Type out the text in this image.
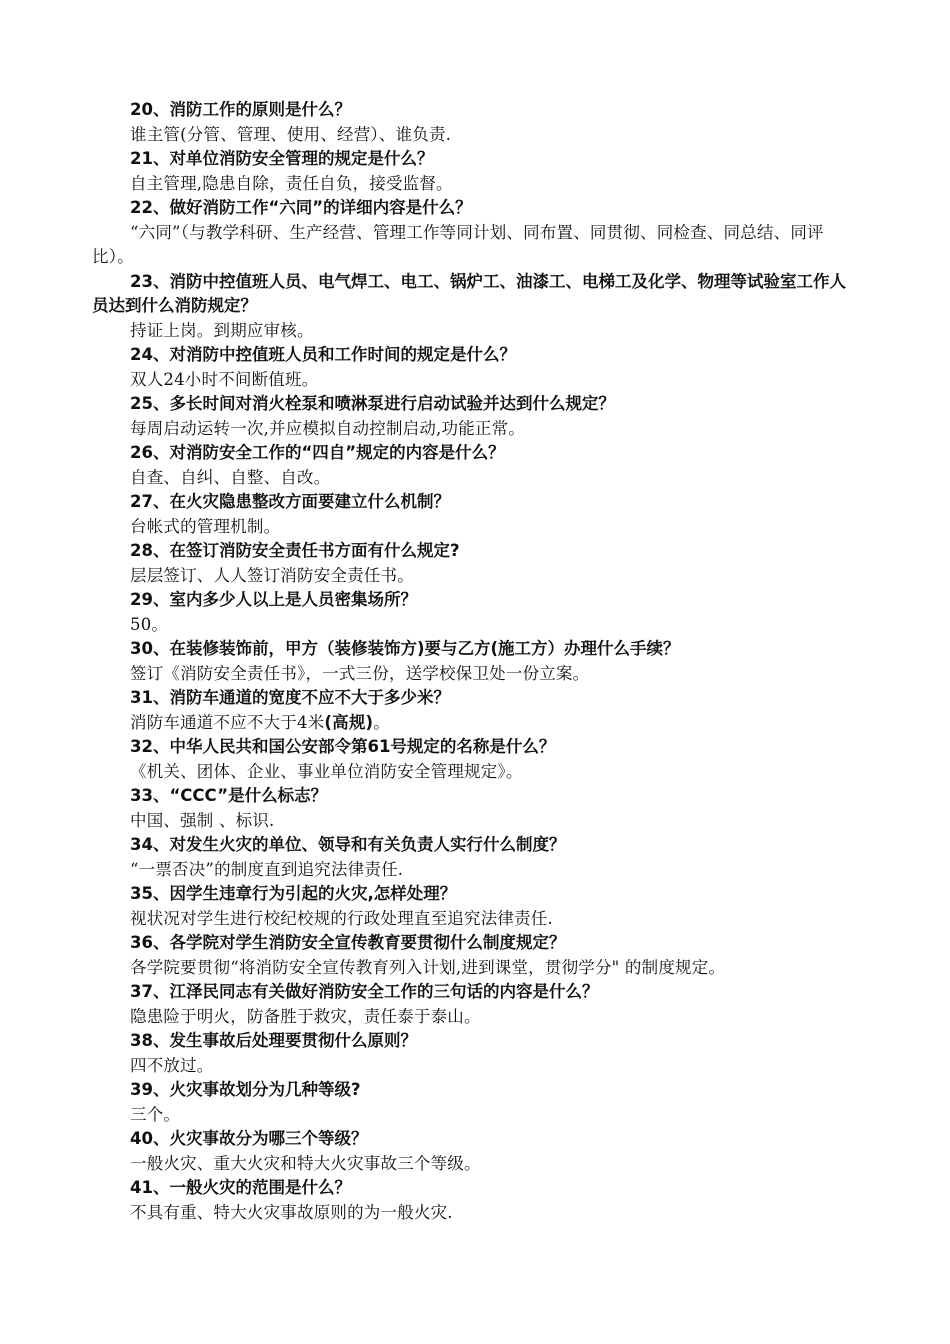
20、消防工作的原则是什么？

谁主管(分管、管理、使用、经营）、谁负责.

21、对单位消防安全管理的规定是什么？

自主管理,隐患自除，责任自负，接受监督。

22、做好消防工作“六同”的详细内容是什么？

“六同”（与教学科研、生产经营、管理工作等同计划、同布置、同贯彻、同检查、同总结、同评比）。

23、消防中控值班人员、电气焊工、电工、锅炉工、油漆工、电梯工及化学、物理等试验室工作人员达到什么消防规定？

持证上岗。到期应审核。

24、对消防中控值班人员和工作时间的规定是什么？

双人24小时不间断值班。

25、多长时间对消火栓泵和喷淋泵进行启动试验并达到什么规定？

每周启动运转一次,并应模拟自动控制启动,功能正常。

26、对消防安全工作的“四自”规定的内容是什么？

自查、自纠、自整、自改。

27、在火灾隐患整改方面要建立什么机制？

台帐式的管理机制。

28、在签订消防安全责任书方面有什么规定?

层层签订、人人签订消防安全责任书。

29、室内多少人以上是人员密集场所？

50。

30、在装修装饰前，甲方（装修装饰方)要与乙方(施工方）办理什么手续？

签订《消防安全责任书》，一式三份，送学校保卫处一份立案。

31、消防车通道的宽度不应不大于多少米？

消防车通道不应不大于4米(高规)。

32、中华人民共和国公安部令第61号规定的名称是什么？

《机关、团体、企业、事业单位消防安全管理规定》。

33、“CCC”是什么标志？

中国、强制 、标识.

34、对发生火灾的单位、领导和有关负责人实行什么制度？

“一票否决”的制度直到追究法律责任.

35、因学生违章行为引起的火灾,怎样处理？

视状况对学生进行校纪校规的行政处理直至追究法律责任.

36、各学院对学生消防安全宣传教育要贯彻什么制度规定？

各学院要贯彻“将消防安全宣传教育列入计划,进到课堂，贯彻学分" 的制度规定。

37、江泽民同志有关做好消防安全工作的三句话的内容是什么？

隐患险于明火，防备胜于救灾，责任泰于泰山。

38、发生事故后处理要贯彻什么原则？

四不放过。

39、火灾事故划分为几种等级?

三个。

40、火灾事故分为哪三个等级？

一般火灾、重大火灾和特大火灾事故三个等级。

41、一般火灾的范围是什么？

不具有重、特大火灾事故原则的为一般火灾.
